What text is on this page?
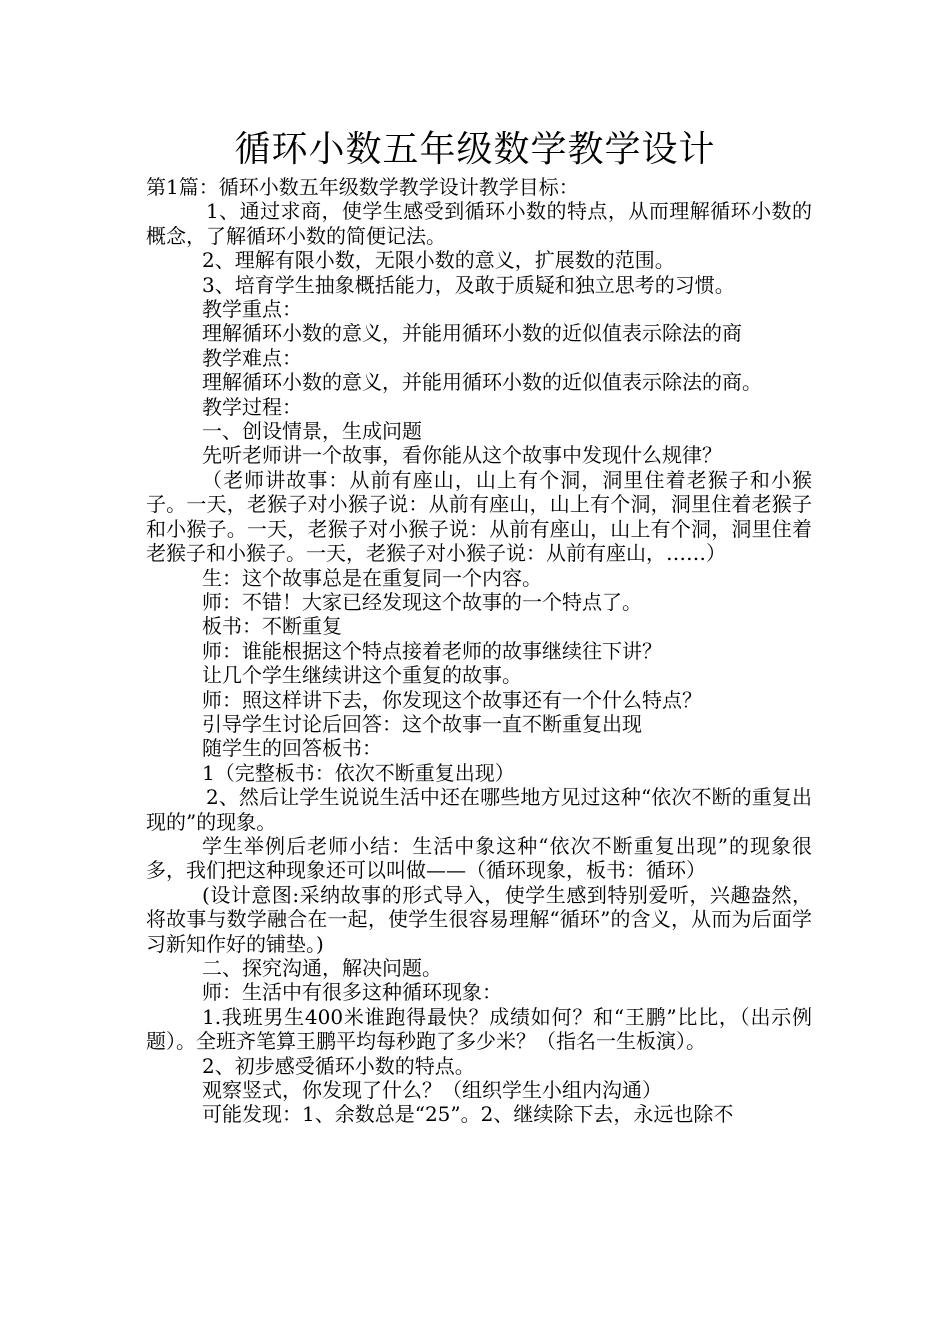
循环小数五年级数学教学设计

第1篇：循环小数五年级数学教学设计教学目标：

1、通过求商，使学生感受到循环小数的特点，从而理解循环小数的概念，了解循环小数的简便记法。

2、理解有限小数，无限小数的意义，扩展数的范围。

3、培育学生抽象概括能力，及敢于质疑和独立思考的习惯。

教学重点：

理解循环小数的意义，并能用循环小数的近似值表示除法的商

教学难点：

理解循环小数的意义，并能用循环小数的近似值表示除法的商。

教学过程：

一、创设情景，生成问题

先听老师讲一个故事，看你能从这个故事中发现什么规律？

（老师讲故事：从前有座山，山上有个洞，洞里住着老猴子和小猴子。一天，老猴子对小猴子说：从前有座山，山上有个洞，洞里住着老猴子和小猴子。一天，老猴子对小猴子说：从前有座山，山上有个洞，洞里住着老猴子和小猴子。一天，老猴子对小猴子说：从前有座山，……）

生：这个故事总是在重复同一个内容。

师：不错！大家已经发现这个故事的一个特点了。

板书：不断重复

师：谁能根据这个特点接着老师的故事继续往下讲？

让几个学生继续讲这个重复的故事。

师：照这样讲下去，你发现这个故事还有一个什么特点？

引导学生讨论后回答：这个故事一直不断重复出现

随学生的回答板书：

1（完整板书：依次不断重复出现）

2、然后让学生说说生活中还在哪些地方见过这种“依次不断的重复出现的”的现象。

学生举例后老师小结：生活中象这种“依次不断重复出现”的现象很多，我们把这种现象还可以叫做——（循环现象，板书：循环）

(设计意图:采纳故事的形式导入，使学生感到特别爱听，兴趣盎然，将故事与数学融合在一起，使学生很容易理解“循环”的含义，从而为后面学习新知作好的铺垫。)

二、探究沟通，解决问题。

师：生活中有很多这种循环现象：

1.我班男生400米谁跑得最快？成绩如何？和“王鹏”比比，（出示例题）。全班齐笔算王鹏平均每秒跑了多少米？（指名一生板演）。

2、初步感受循环小数的特点。

观察竖式，你发现了什么？（组织学生小组内沟通）

可能发现：1、余数总是“25”。2、继续除下去，永远也除不
